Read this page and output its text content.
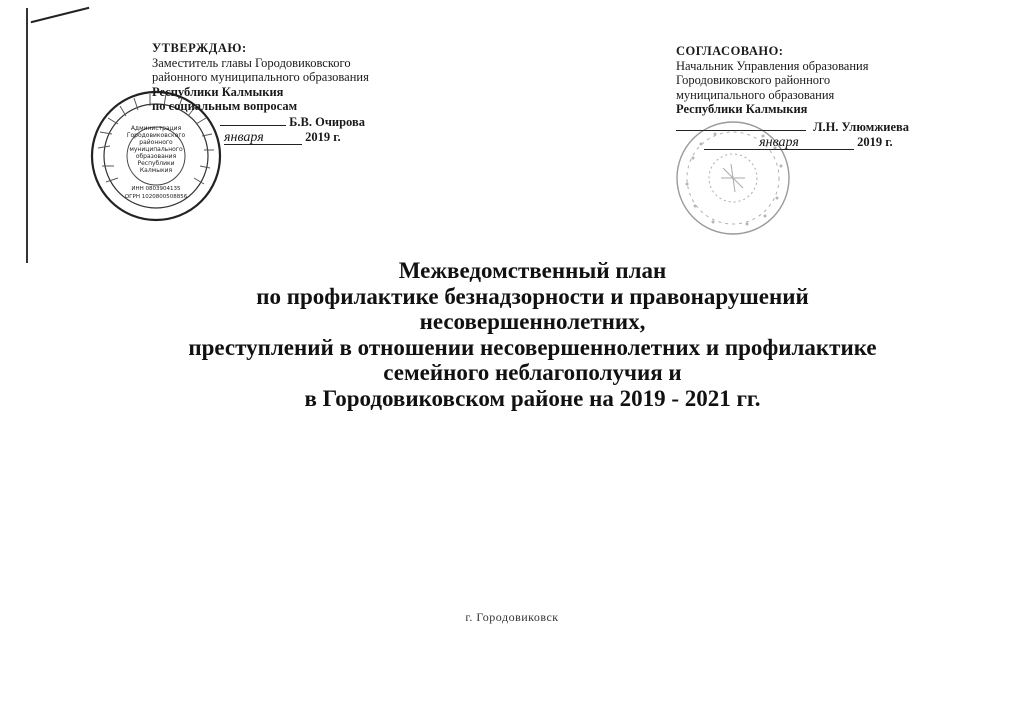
Администрация
Городовиковского
районного
муниципального
образования
Республики
Калмыкия
ИНН 0803904135
ОГРН 1020800508856
УТВЕРЖДАЮ:
Заместитель главы Городовиковского
районного муниципального образования
Республики Калмыкия
по социальным вопросам
Б.В. Очирова
января	2019 г.
СОГЛАСОВАНО:
Начальник Управления образования
Городовиковского районного
муниципального образования
Республики Калмыкия
Л.Н. Улюмжиева
января	2019 г.
Межведомственный план
по профилактике безнадзорности и правонарушений
несовершеннолетних,
преступлений в отношении несовершеннолетних и профилактике
семейного неблагополучия и
в Городовиковском районе на 2019 - 2021 гг.
г. Городовиковск
